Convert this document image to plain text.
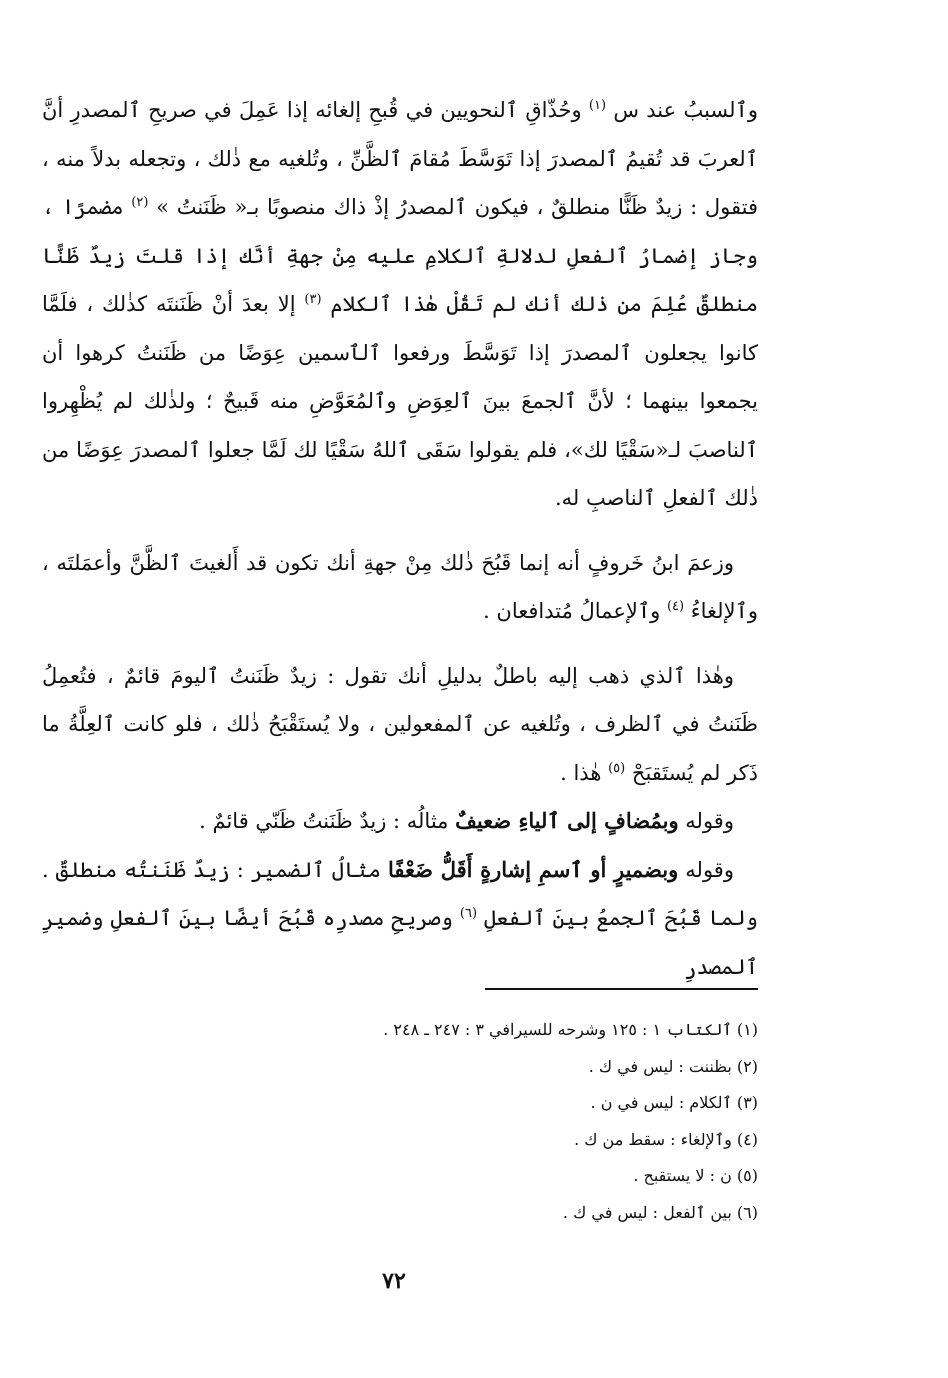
وٱلسببُ عند س $^{(١)}$ وحُذّاقِ ٱلنحويين في قُبحِ إلغائه إذا عَمِلَ في صريحِ ٱلمصدرِ أنَّ ٱلعربَ قد تُقيمُ ٱلمصدرَ إذا تَوَسَّطَ مُقامَ ٱلظَّنِّ ، وتُلغيه مع ذٰلك ، وتجعله بدلاً منه ، فتقول : زيدٌ ظَنًّا منطلقٌ ، فيكون ٱلمصدرُ إذْ ذاك منصوبًا بـ« ظَنَنتُ » $^{(٢)}$ مضمرًا ، وجاز إضمارُ ٱلفعلِ لدلالةِ ٱلكلامِ عليه مِنْ جهةِ أنَّك إذا قلتَ زيدٌ ظَنًّا منطلقٌ عُلِمَ من ذٰلك أنك لم تَقُلْ هٰذا ٱلكلام $^{(٣)}$ إلا بعدَ أنْ ظَنَنتَه كذٰلك ، فلَمَّا كانوا يجعلون ٱلمصدرَ إذا تَوَسَّطَ ورفعوا ٱلٱسمين عِوَضًا من ظَنَنتُ كرهوا أن يجمعوا بينهما ؛ لأنَّ ٱلجمعَ بينَ ٱلعِوَضِ وٱلمُعَوَّضِ منه قَبيحٌ ؛ ولذٰلك لم يُظْهِروا ٱلناصبَ لـ«سَقْيًا لك»، فلم يقولوا سَقَى ٱللهُ سَقْيًا لك لَمَّا جعلوا ٱلمصدرَ عِوَضًا من ذٰلك ٱلفعلِ ٱلناصبِ له.

وزعمَ ابنُ خَروفٍ أنه إنما قَبُحَ ذٰلك مِنْ جهةِ أنك تكون قد أَلغيتَ ٱلظَّنَّ وأعمَلتَه ، وٱلإلغاءُ $^{(٤)}$ وٱلإعمالُ مُتدافعان .

وهٰذا ٱلذي ذهب إليه باطلٌ بدليلِ أنك تقول : زيدٌ ظَنَنتُ ٱليومَ قائمٌ ، فتُعمِلُ ظَنَنتُ في ٱلظرف ، وتُلغيه عن ٱلمفعولين ، ولا يُستَقْبَحُ ذٰلك ، فلو كانت ٱلعِلَّةُ ما ذَكر لم يُستَقبَحْ $^{(٥)}$ هٰذا .

وقوله وبمُضافٍ إلى ٱلياءِ ضعيفٌ مثالُه : زيدٌ ظَنَنتُ ظَنّي قائمٌ .

وقوله وبضميرٍ أو ٱسمِ إشارةٍ أَقَلُّ ضَعْفًا مثالُ ٱلضمير : زيدٌ ظَنَنتُه منطلقٌ . ولما قَبُحَ ٱلجمعُ بينَ ٱلفعلِ $^{(٦)}$ وصريحِ مصدرِه قَبُحَ أيضًا بينَ ٱلفعلِ وضميرِ ٱلمصدرِ

(١) ٱلكتاب ١ : ١٢٥ وشرحه للسيرافي ٣ : ٢٤٧ ـ ٢٤٨ .
(٢) بظننت : ليس في ك .
(٣) ٱلكلام : ليس في ن .
(٤) وٱلإلغاء : سقط من ك .
(٥) ن : لا يستقبح .
(٦) بين ٱلفعل : ليس في ك .
٧٢
